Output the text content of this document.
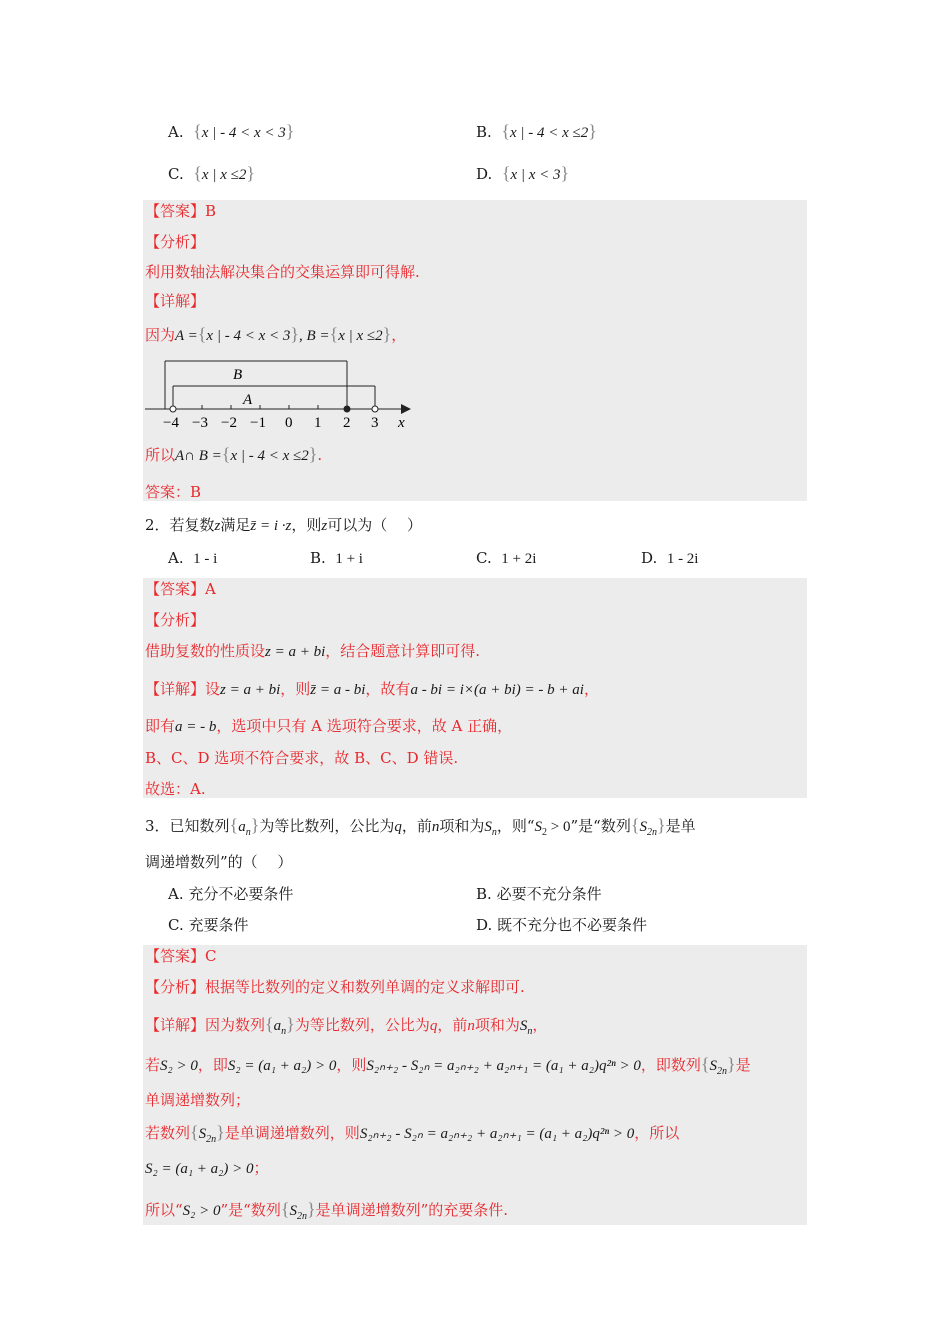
A. {x | - 4 < x < 3}	B. {x | - 4 < x ≤2}
C. {x | x ≤2}	D. {x | x < 3}
【答案】B
【分析】
利用数轴法解决集合的交集运算即可得解.
【详解】
因为A ={x | - 4 < x < 3}, B ={x | x ≤2}，
B
A
−4 −3 −2 −1 0 1 2 3 x
所以A∩ B ={x | - 4 < x ≤2}.
答案：B
2．若复数z满足z̄ = i ·z，则z可以为（　 ）
A. 1 - i	B. 1 + i	C. 1 + 2i	D. 1 - 2i
【答案】A
【分析】
借助复数的性质设z = a + bi，结合题意计算即可得.
【详解】设z = a + bi，则z̄ = a - bi，故有a - bi = i×(a + bi) = - b + ai，
即有a = - b，选项中只有 A 选项符合要求，故 A 正确，
B、C、D 选项不符合要求，故 B、C、D 错误.
故选：A.
3．已知数列$\{a_n\}$为等比数列，公比为q，前n项和为$S_n$，则“$S_2 > 0$”是“数列$\{S_{2n}\}$是单
调递增数列”的（　 ）
A. 充分不必要条件	B. 必要不充分条件
C. 充要条件	D. 既不充分也不必要条件
【答案】C
【分析】根据等比数列的定义和数列单调的定义求解即可.
【详解】因为数列$\{a_n\}$为等比数列，公比为q，前n项和为$S_n$，
若S₂ > 0，即S₂ = (a₁ + a₂) > 0，则S₂ₙ₊₂ - S₂ₙ = a₂ₙ₊₂ + a₂ₙ₊₁ = (a₁ + a₂)q²ⁿ > 0，即数列$\{S_{2n}\}$是
单调递增数列；
若数列$\{S_{2n}\}$是单调递增数列，则S₂ₙ₊₂ - S₂ₙ = a₂ₙ₊₂ + a₂ₙ₊₁ = (a₁ + a₂)q²ⁿ > 0，所以
S₂ = (a₁ + a₂) > 0；
所以“S₂ > 0”是“数列$\{S_{2n}\}$是单调递增数列”的充要条件.
